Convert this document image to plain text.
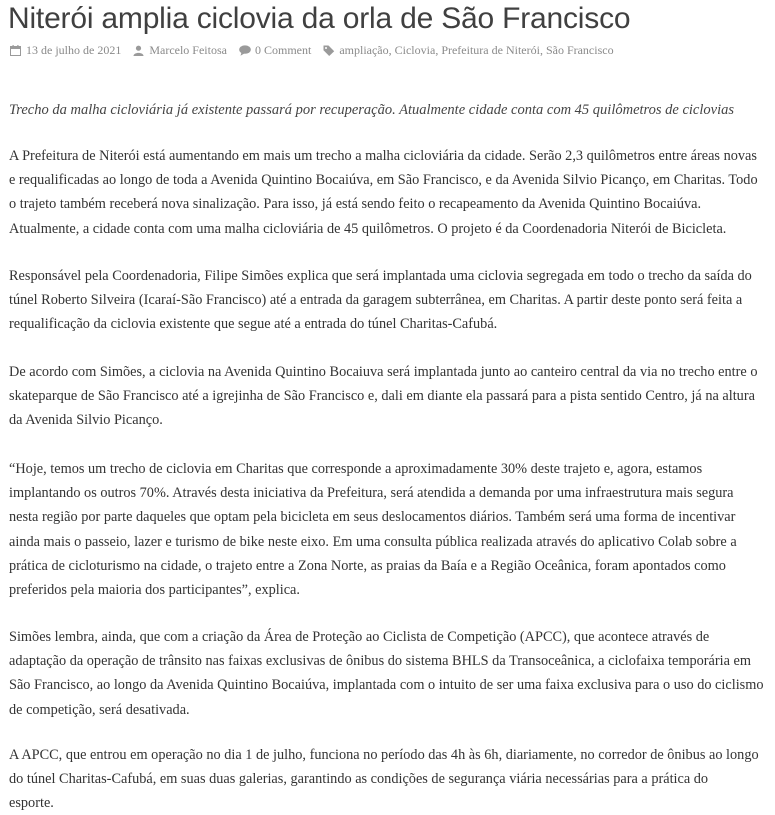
Niterói amplia ciclovia da orla de São Francisco
13 de julho de 2021 Marcelo Feitosa 0 Comment ampliação , Ciclovia , Prefeitura de Niterói , São Francisco

Trecho da malha cicloviária já existente passará por recuperação. Atualmente cidade conta com 45 quilômetros de ciclovias

A Prefeitura de Niterói está aumentando em mais um trecho a malha cicloviária da cidade. Serão 2,3 quilômetros entre áreas novas
e requalificadas ao longo de toda a Avenida Quintino Bocaiúva, em São Francisco, e da Avenida Silvio Picanço, em Charitas. Todo
o trajeto também receberá nova sinalização. Para isso, já está sendo feito o recapeamento da Avenida Quintino Bocaiúva.
Atualmente, a cidade conta com uma malha cicloviária de 45 quilômetros. O projeto é da Coordenadoria Niterói de Bicicleta.
Responsável pela Coordenadoria, Filipe Simões explica que será implantada uma ciclovia segregada em todo o trecho da saída do
túnel Roberto Silveira (Icaraí-São Francisco) até a entrada da garagem subterrânea, em Charitas. A partir deste ponto será feita a
requalificação da ciclovia existente que segue até a entrada do túnel Charitas-Cafubá.
De acordo com Simões, a ciclovia na Avenida Quintino Bocaiuva será implantada junto ao canteiro central da via no trecho entre o
skateparque de São Francisco até a igrejinha de São Francisco e, dali em diante ela passará para a pista sentido Centro, já na altura
da Avenida Silvio Picanço.
“Hoje, temos um trecho de ciclovia em Charitas que corresponde a aproximadamente 30% deste trajeto e, agora, estamos
implantando os outros 70%. Através desta iniciativa da Prefeitura, será atendida a demanda por uma infraestrutura mais segura
nesta região por parte daqueles que optam pela bicicleta em seus deslocamentos diários. Também será uma forma de incentivar
ainda mais o passeio, lazer e turismo de bike neste eixo. Em uma consulta pública realizada através do aplicativo Colab sobre a
prática de cicloturismo na cidade, o trajeto entre a Zona Norte, as praias da Baía e a Região Oceânica, foram apontados como
preferidos pela maioria dos participantes”, explica.
Simões lembra, ainda, que com a criação da Área de Proteção ao Ciclista de Competição (APCC), que acontece através de
adaptação da operação de trânsito nas faixas exclusivas de ônibus do sistema BHLS da Transoceânica, a ciclofaixa temporária em
São Francisco, ao longo da Avenida Quintino Bocaiúva, implantada com o intuito de ser uma faixa exclusiva para o uso do ciclismo
de competição, será desativada.
A APCC, que entrou em operação no dia 1 de julho, funciona no período das 4h às 6h, diariamente, no corredor de ônibus ao longo
do túnel Charitas-Cafubá, em suas duas galerias, garantindo as condições de segurança viária necessárias para a prática do
esporte.
